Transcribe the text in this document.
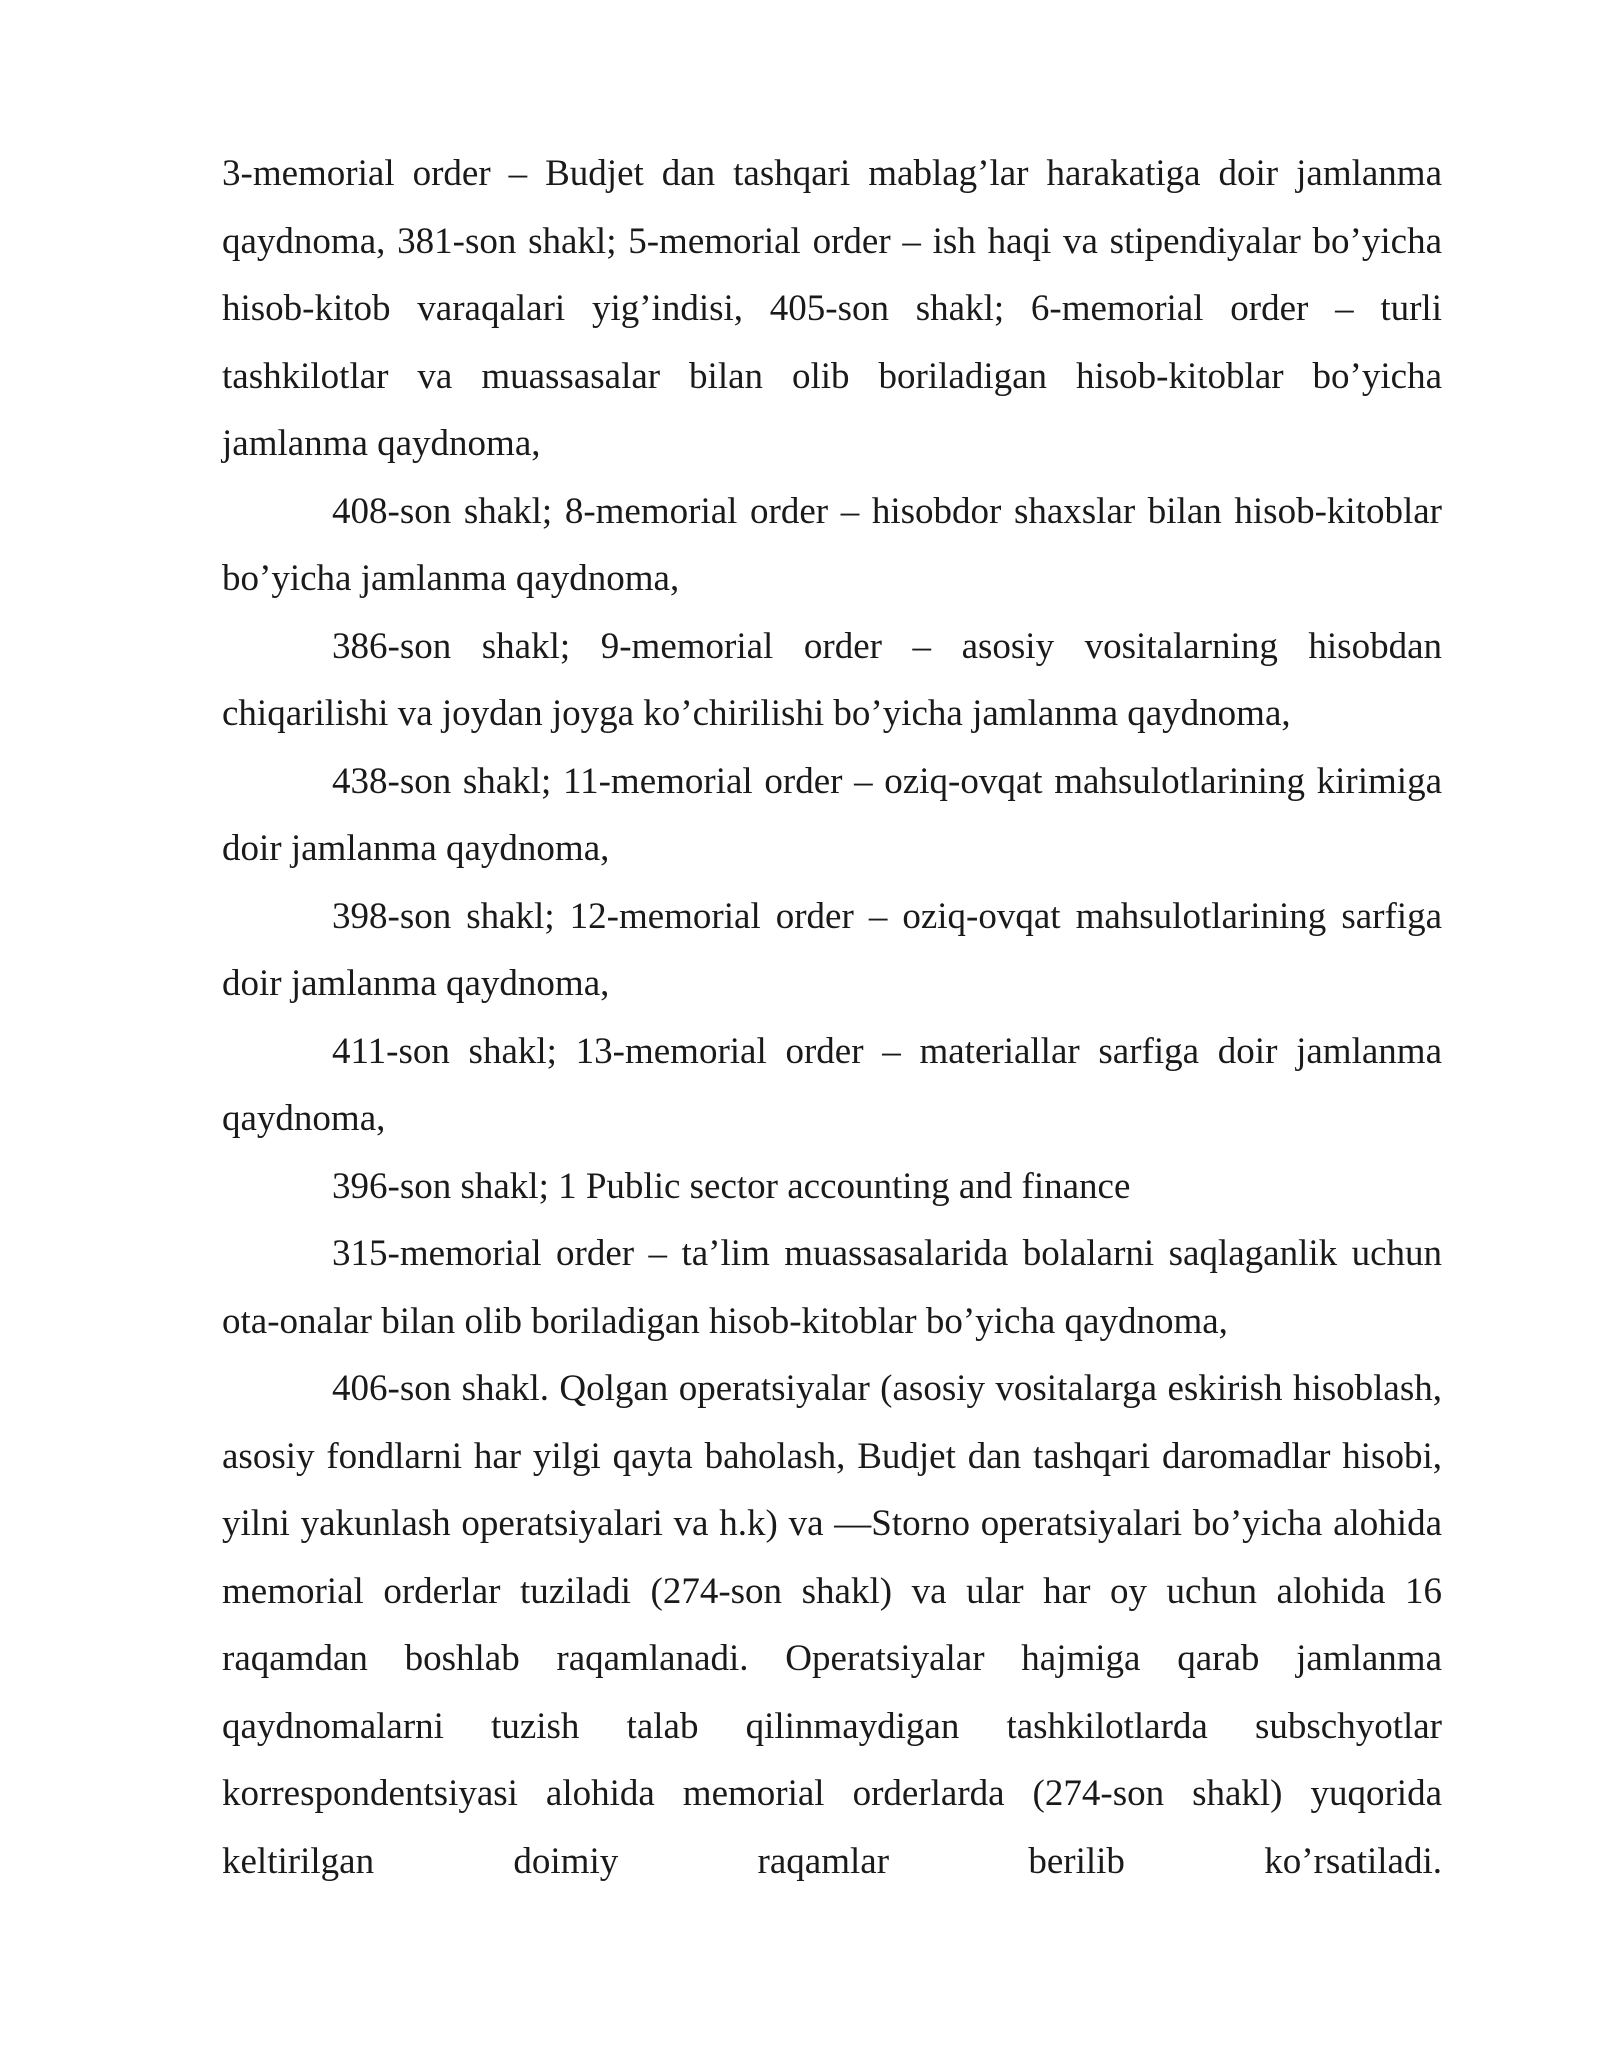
3-memorial order – Budjet dan tashqari mablag’lar harakatiga doir jamlanma qaydnoma, 381-son shakl; 5-memorial order – ish haqi va stipendiyalar bo’yicha hisob-kitob varaqalari yig’indisi, 405-son shakl; 6-memorial order – turli tashkilotlar va muassasalar bilan olib boriladigan hisob-kitoblar bo’yicha jamlanma qaydnoma,

408-son shakl; 8-memorial order – hisobdor shaxslar bilan hisob-kitoblar bo’yicha jamlanma qaydnoma,

386-son shakl; 9-memorial order – asosiy vositalarning hisobdan chiqarilishi va joydan joyga ko’chirilishi bo’yicha jamlanma qaydnoma,

438-son shakl; 11-memorial order – oziq-ovqat mahsulotlarining kirimiga doir jamlanma qaydnoma,

398-son shakl; 12-memorial order – oziq-ovqat mahsulotlarining sarfiga doir jamlanma qaydnoma,

411-son shakl; 13-memorial order – materiallar sarfiga doir jamlanma qaydnoma,

396-son shakl; 1 Public sector accounting and finance

315-memorial order – ta’lim muassasalarida bolalarni saqlaganlik uchun ota-onalar bilan olib boriladigan hisob-kitoblar bo’yicha qaydnoma,

406-son shakl. Qolgan operatsiyalar (asosiy vositalarga eskirish hisoblash, asosiy fondlarni har yilgi qayta baholash, Budjet dan tashqari daromadlar hisobi, yilni yakunlash operatsiyalari va h.k) va —Storno operatsiyalari bo’yicha alohida memorial orderlar tuziladi (274-son shakl) va ular har oy uchun alohida 16 raqamdan boshlab raqamlanadi. Operatsiyalar hajmiga qarab jamlanma qaydnomalarni tuzish talab qilinmaydigan tashkilotlarda subschyotlar korrespondentsiyasi alohida memorial orderlarda (274-son shakl) yuqorida keltirilgan doimiy raqamlar berilib ko’rsatiladi.
